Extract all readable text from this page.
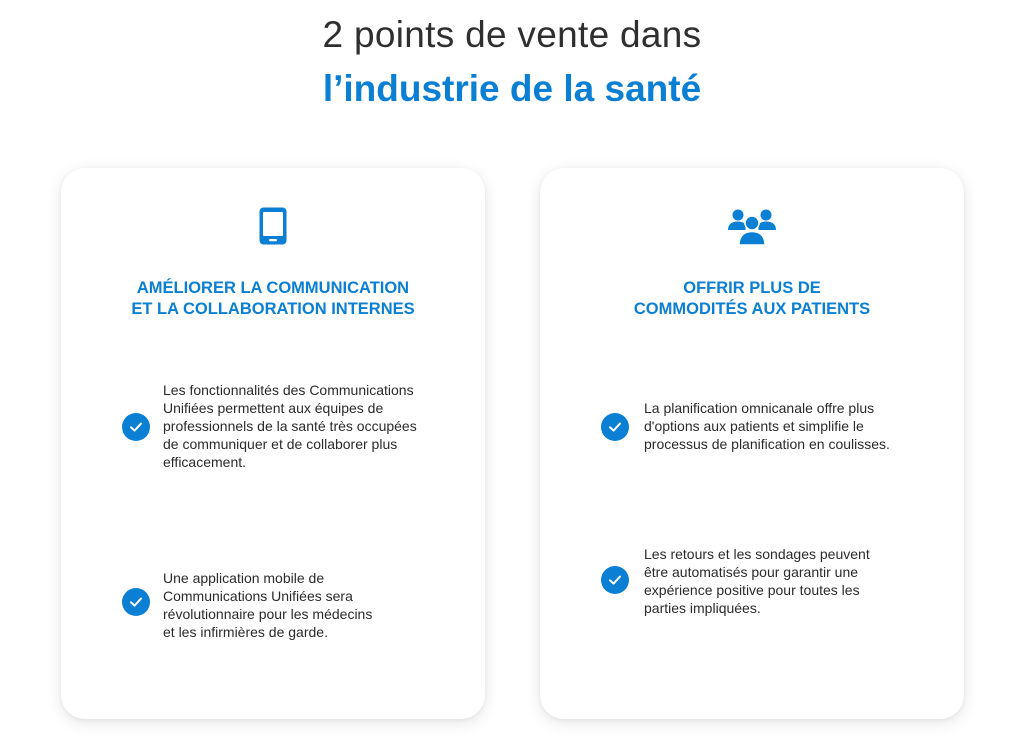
2 points de vente dans
l’industrie de la santé
AMÉLIORER LA COMMUNICATION
ET LA COLLABORATION INTERNES
Les fonctionnalités des Communications
Unifiées permettent aux équipes de
professionnels de la santé très occupées
de communiquer et de collaborer plus
efficacement.
Une application mobile de
Communications Unifiées sera
révolutionnaire pour les médecins
et les infirmières de garde.
OFFRIR PLUS DE
COMMODITÉS AUX PATIENTS
La planification omnicanale offre plus
d'options aux patients et simplifie le
processus de planification en coulisses.
Les retours et les sondages peuvent
être automatisés pour garantir une
expérience positive pour toutes les
parties impliquées.
